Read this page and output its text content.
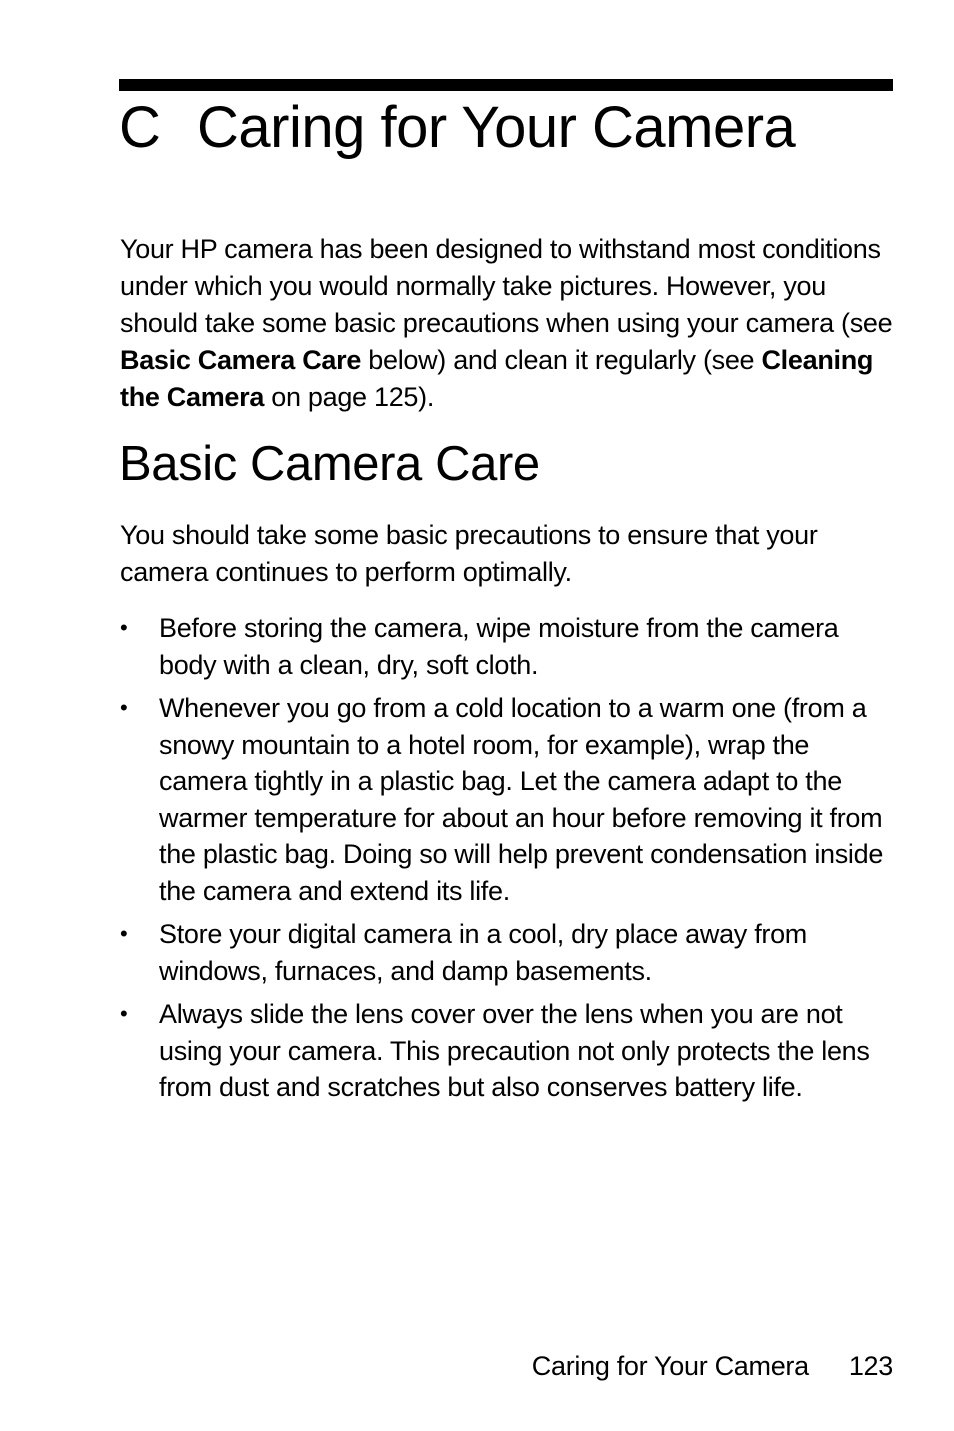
C Caring for Your Camera

Your HP camera has been designed to withstand most conditions under which you would normally take pictures. However, you should take some basic precautions when using your camera (see Basic Camera Care below) and clean it regularly (see Cleaning the Camera on page 125).

Basic Camera Care

You should take some basic precautions to ensure that your camera continues to perform optimally.

•	Before storing the camera, wipe moisture from the camera body with a clean, dry, soft cloth.
•	Whenever you go from a cold location to a warm one (from a snowy mountain to a hotel room, for example), wrap the camera tightly in a plastic bag. Let the camera adapt to the warmer temperature for about an hour before removing it from the plastic bag. Doing so will help prevent condensation inside the camera and extend its life.
•	Store your digital camera in a cool, dry place away from windows, furnaces, and damp basements.
•	Always slide the lens cover over the lens when you are not using your camera. This precaution not only protects the lens from dust and scratches but also conserves battery life.
Caring for Your Camera 123
